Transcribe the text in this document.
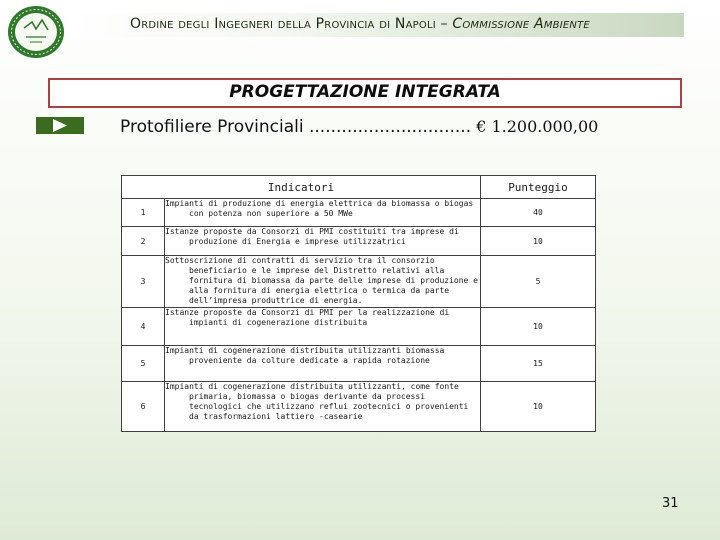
Ordine degli Ingegneri della Provincia di Napoli – Commissione Ambiente
PROGETTAZIONE INTEGRATA
Protofiliere Provinciali .............................. € 1.200.000,00
Indicatori		Punteggio
1	Impianti di produzione di energia elettrica da biomassa o biogas con potenza non superiore a 50 MWe	40
2	Istanze proposte da Consorzi di PMI costituiti tra imprese di produzione di Energia e imprese utilizzatrici	10
3	Sottoscrizione di contratti di servizio tra il consorzio beneficiario e le imprese del Distretto relativi alla fornitura di biomassa da parte delle imprese di produzione e alla fornitura di energia elettrica o termica da parte dell’impresa produttrice di energia.	5
4	Istanze proposte da Consorzi di PMI per la realizzazione di impianti di cogenerazione distribuita	10
5	Impianti di cogenerazione distribuita utilizzanti biomassa proveniente da colture dedicate a rapida rotazione	15
6	Impianti di cogenerazione distribuita utilizzanti, come fonte primaria, biomassa o biogas derivante da processi tecnologici che utilizzano reflui zootecnici o provenienti da trasformazioni lattiero -casearie	10
31
